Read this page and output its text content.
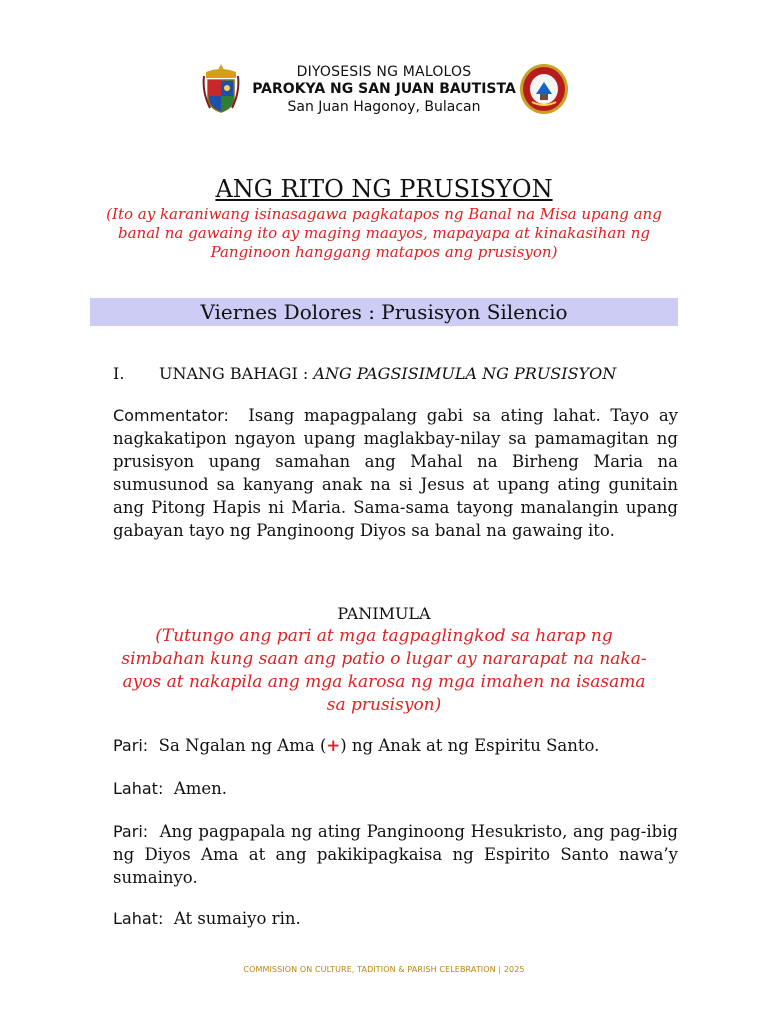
DIYOSESIS NG MALOLOS
PAROKYA NG SAN JUAN BAUTISTA
San Juan Hagonoy, Bulacan
ANG RITO NG PRUSISYON
(Ito ay karaniwang isinasagawa pagkatapos ng Banal na Misa upang ang banal na gawaing ito ay maging maayos, mapayapa at kinakasihan ng Panginoon hanggang matapos ang prusisyon)
Viernes Dolores : Prusisyon Silencio
I. UNANG BAHAGI : ANG PAGSISIMULA NG PRUSISYON
Commentator: Isang mapagpalang gabi sa ating lahat. Tayo ay nagkakatipon ngayon upang maglakbay-nilay sa pamamagitan ng prusisyon upang samahan ang Mahal na Birheng Maria na sumusunod sa kanyang anak na si Jesus at upang ating gunitain ang Pitong Hapis ni Maria. Sama-sama tayong manalangin upang gabayan tayo ng Panginoong Diyos sa banal na gawaing ito.
PANIMULA
(Tutungo ang pari at mga tagpaglingkod sa harap ng simbahan kung saan ang patio o lugar ay nararapat na naka-ayos at nakapila ang mga karosa ng mga imahen na isasama sa prusisyon)
Pari: Sa Ngalan ng Ama (+) ng Anak at ng Espiritu Santo.
Lahat: Amen.
Pari: Ang pagpapala ng ating Panginoong Hesukristo, ang pag-ibig ng Diyos Ama at ang pakikipagkaisa ng Espirito Santo nawa’y sumainyo.
Lahat: At sumaiyo rin.
COMMISSION ON CULTURE, TADITION & PARISH CELEBRATION | 2025
